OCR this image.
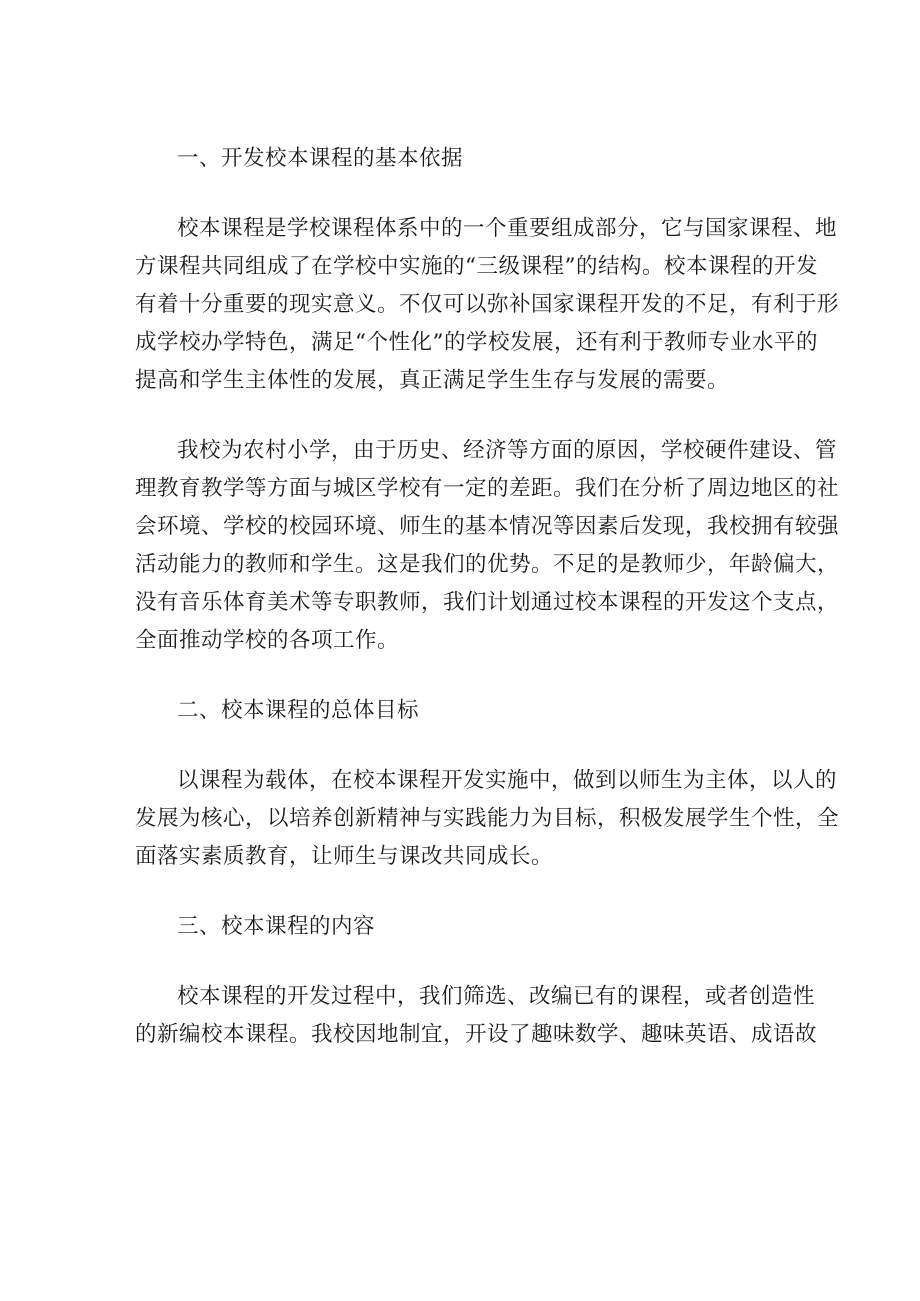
一、开发校本课程的基本依据
校本课程是学校课程体系中的一个重要组成部分，它与国家课程、地
方课程共同组成了在学校中实施的“三级课程”的结构。校本课程的开发
有着十分重要的现实意义。不仅可以弥补国家课程开发的不足，有利于形
成学校办学特色，满足“个性化”的学校发展，还有利于教师专业水平的
提高和学生主体性的发展，真正满足学生生存与发展的需要。
我校为农村小学，由于历史、经济等方面的原因，学校硬件建设、管
理教育教学等方面与城区学校有一定的差距。我们在分析了周边地区的社
会环境、学校的校园环境、师生的基本情况等因素后发现，我校拥有较强
活动能力的教师和学生。这是我们的优势。不足的是教师少，年龄偏大，
没有音乐体育美术等专职教师，我们计划通过校本课程的开发这个支点，
全面推动学校的各项工作。
二、校本课程的总体目标
以课程为载体，在校本课程开发实施中，做到以师生为主体，以人的
发展为核心，以培养创新精神与实践能力为目标，积极发展学生个性，全
面落实素质教育，让师生与课改共同成长。
三、校本课程的内容
校本课程的开发过程中，我们筛选、改编已有的课程，或者创造性
的新编校本课程。我校因地制宜，开设了趣味数学、趣味英语、成语故
